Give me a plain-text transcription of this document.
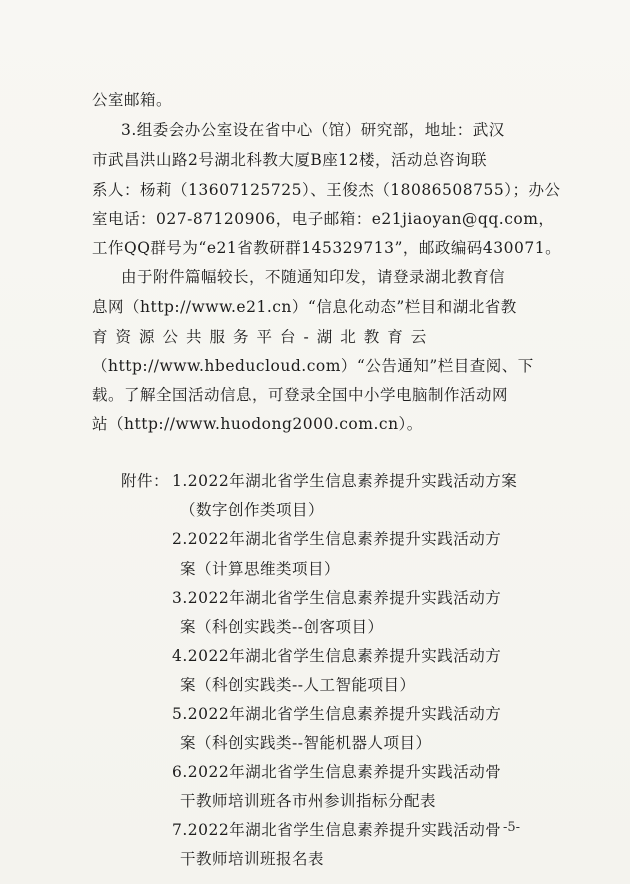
公室邮箱。
3.组委会办公室设在省中心（馆）研究部，地址：武汉
市武昌洪山路2号湖北科教大厦B座12楼，活动总咨询联
系人：杨莉（13607125725）、王俊杰（18086508755）；办公
室电话：027-87120906，电子邮箱：e21jiaoyan@qq.com，
工作QQ群号为“e21省教研群145329713”，邮政编码430071。
由于附件篇幅较长，不随通知印发，请登录湖北教育信
息网（http://www.e21.cn）“信息化动态”栏目和湖北省教
育资源公共服务平台-湖北教育云
（http://www.hbeducloud.com）“公告通知”栏目查阅、下
载。了解全国活动信息，可登录全国中小学电脑制作活动网
站（http://www.huodong2000.com.cn）。
附件： 1.2022年湖北省学生信息素养提升实践活动方案
（数字创作类项目）
2.2022年湖北省学生信息素养提升实践活动方
案（计算思维类项目）
3.2022年湖北省学生信息素养提升实践活动方
案（科创实践类--创客项目）
4.2022年湖北省学生信息素养提升实践活动方
案（科创实践类--人工智能项目）
5.2022年湖北省学生信息素养提升实践活动方
案（科创实践类--智能机器人项目）
6.2022年湖北省学生信息素养提升实践活动骨
干教师培训班各市州参训指标分配表
7.2022年湖北省学生信息素养提升实践活动骨
干教师培训班报名表
-5-
